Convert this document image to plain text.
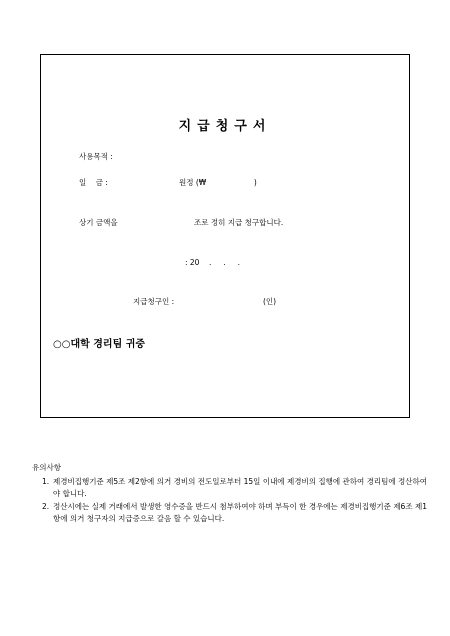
지급청구서
사용목적 :
일    금 :	원정 (₩                    )
상기 금액을	조로 정히 지급 청구합니다.
: 20    .     .     .
지급청구인 :	(인)
○○대학 경리팀 귀중
유의사항
1. 제경비집행기준 제5조 제2항에 의거 경비의 전도일로부터 15일 이내에 제경비의 집행에 관하여 경리팀에 정산하여야 합니다.
2. 정산시에는 실제 거래에서 발생한 영수증을 반드시 첨부하여야 하며 부득이 한 경우에는 제경비집행기준 제6조 제1항에 의거 청구자의 지급증으로 갈음 할 수 있습니다.
